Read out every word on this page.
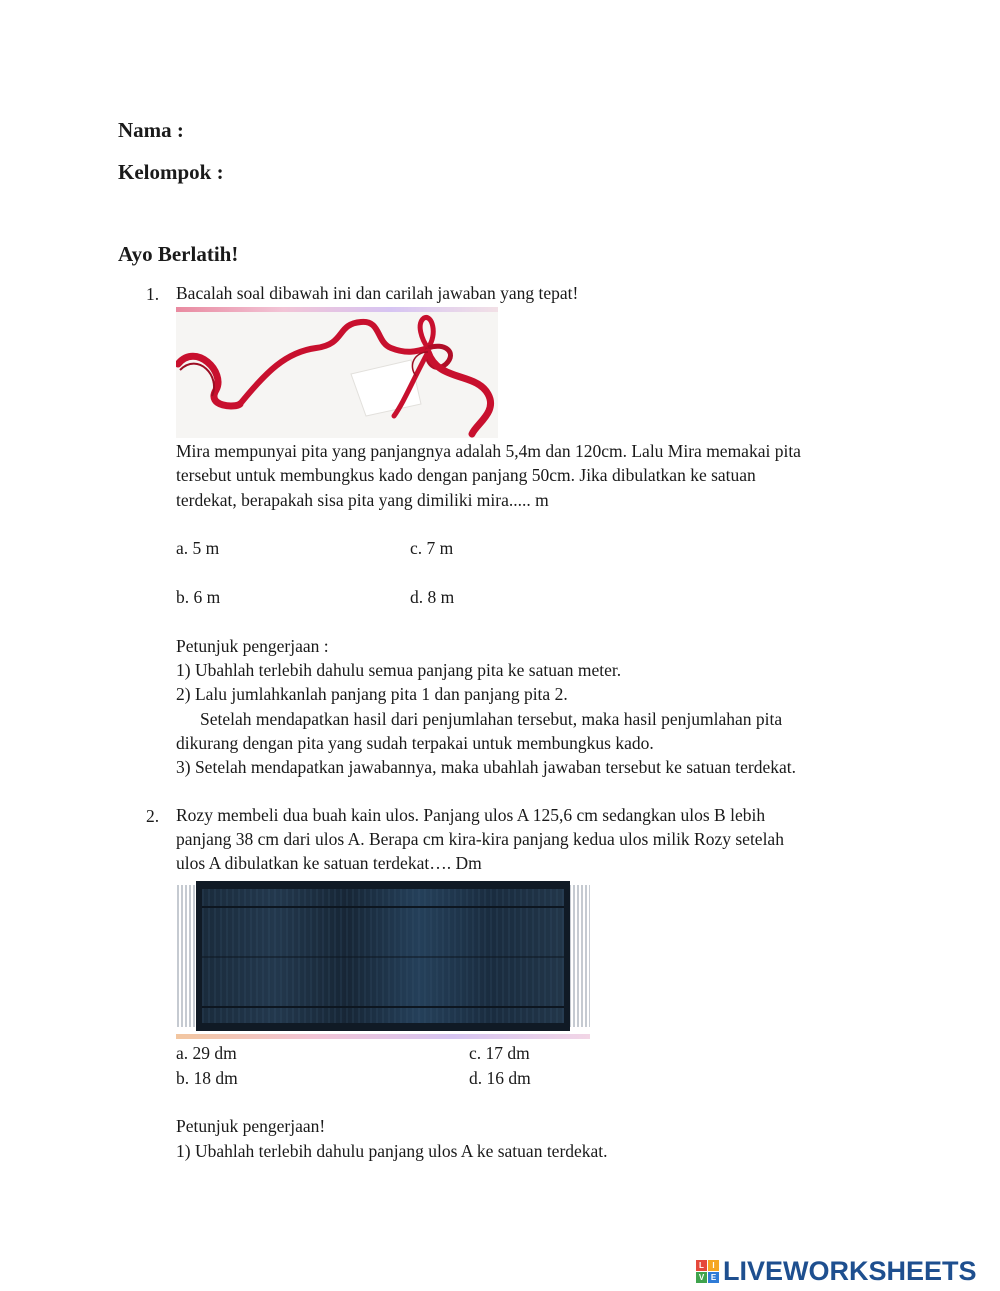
Nama :
Kelompok :
Ayo Berlatih!
1. Bacalah soal dibawah ini dan carilah jawaban yang tepat!
Mira mempunyai pita yang panjangnya adalah 5,4m dan 120cm. Lalu Mira memakai pita
tersebut untuk membungkus kado dengan panjang 50cm. Jika dibulatkan ke satuan
terdekat, berapakah sisa pita yang dimiliki mira..... m
a. 5 m	c. 7 m
b. 6 m	d. 8 m
Petunjuk pengerjaan :
1) Ubahlah terlebih dahulu semua panjang pita ke satuan meter.
2) Lalu jumlahkanlah panjang pita 1 dan panjang pita 2.
Setelah mendapatkan hasil dari penjumlahan tersebut, maka hasil penjumlahan pita
dikurang dengan pita yang sudah terpakai untuk membungkus kado.
3) Setelah mendapatkan jawabannya, maka ubahlah jawaban tersebut ke satuan terdekat.
2. Rozy membeli dua buah kain ulos. Panjang ulos A 125,6 cm sedangkan ulos B lebih
panjang 38 cm dari ulos A. Berapa cm kira-kira panjang kedua ulos milik Rozy setelah
ulos A dibulatkan ke satuan terdekat…. Dm
a. 29 dm	c. 17 dm
b. 18 dm	d. 16 dm
Petunjuk pengerjaan!
1) Ubahlah terlebih dahulu panjang ulos A ke satuan terdekat.
L	I
V E LIVEWORKSHEETS
